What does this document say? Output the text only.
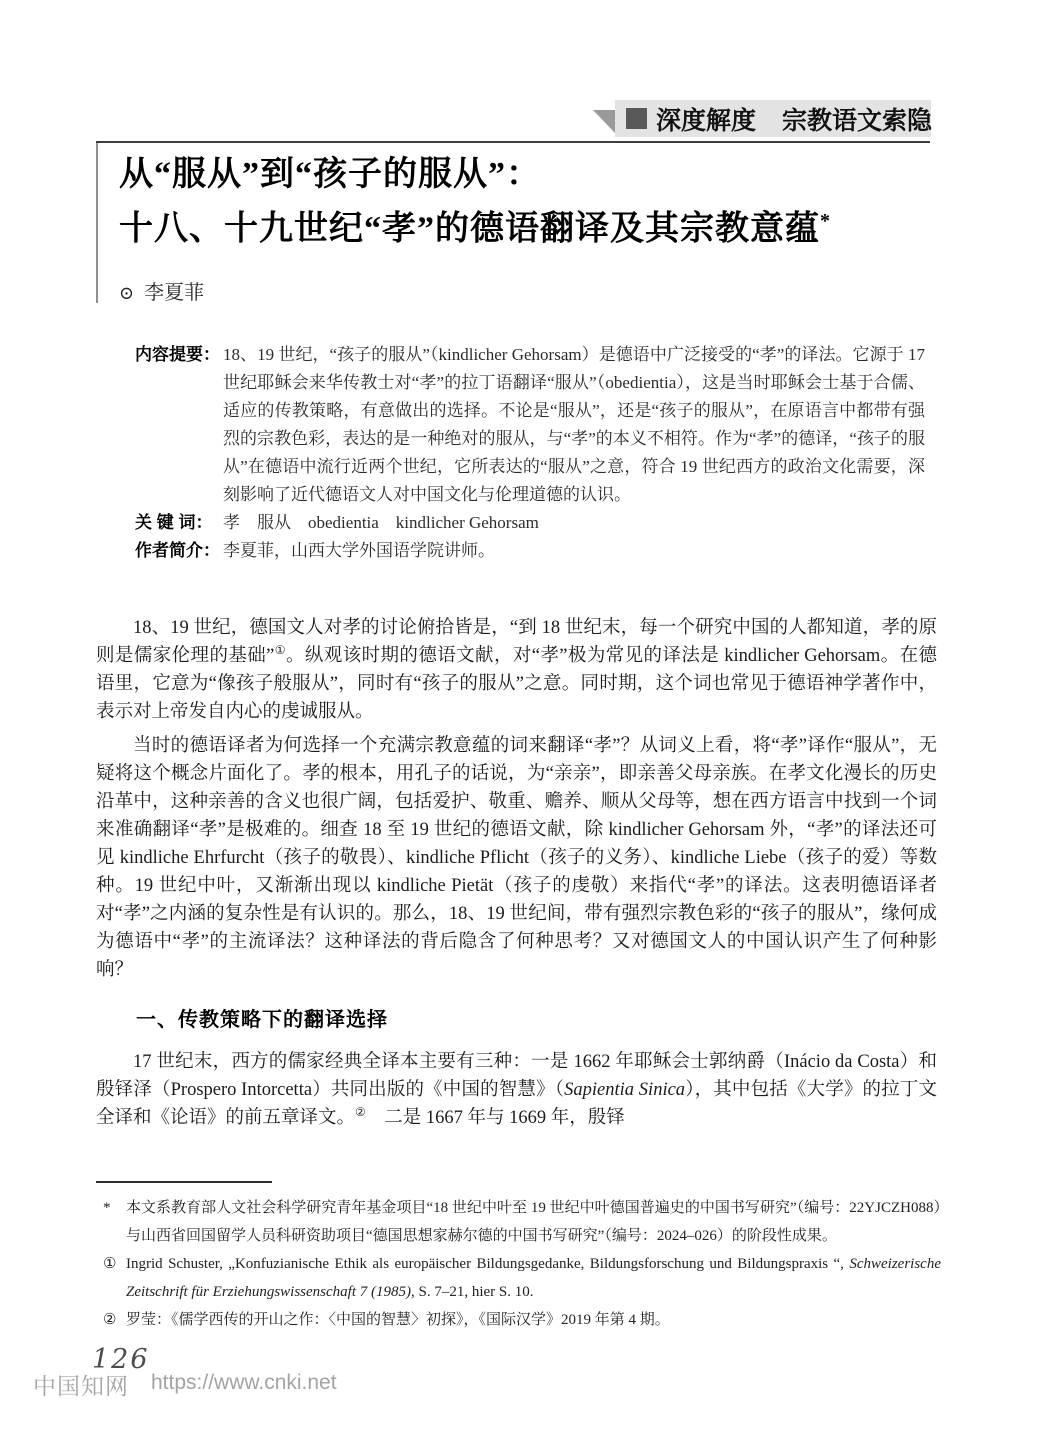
深度解度 宗教语文索隐
从“服从”到“孩子的服从”：
十八、十九世纪“孝”的德语翻译及其宗教意蕴*
⊙ 李夏菲
内容提要： 18、19 世纪，“孩子的服从”（kindlicher Gehorsam）是德语中广泛接受的“孝”的译法。它源于 17 世纪耶稣会来华传教士对“孝”的拉丁语翻译“服从”（obedientia），这是当时耶稣会士基于合儒、适应的传教策略，有意做出的选择。不论是“服从”，还是“孩子的服从”，在原语言中都带有强烈的宗教色彩，表达的是一种绝对的服从，与“孝”的本义不相符。作为“孝”的德译，“孩子的服从”在德语中流行近两个世纪，它所表达的“服从”之意，符合 19 世纪西方的政治文化需要，深刻影响了近代德语文人对中国文化与伦理道德的认识。
关 键 词： 孝　服从　obedientia　kindlicher Gehorsam
作者简介： 李夏菲，山西大学外国语学院讲师。

18、19 世纪，德国文人对孝的讨论俯拾皆是，“到 18 世纪末，每一个研究中国的人都知道，孝的原则是儒家伦理的基础”①。纵观该时期的德语文献，对“孝”极为常见的译法是 kindlicher Gehorsam。在德语里，它意为“像孩子般服从”，同时有“孩子的服从”之意。同时期，这个词也常见于德语神学著作中，表示对上帝发自内心的虔诚服从。

当时的德语译者为何选择一个充满宗教意蕴的词来翻译“孝”？从词义上看，将“孝”译作“服从”，无疑将这个概念片面化了。孝的根本，用孔子的话说，为“亲亲”，即亲善父母亲族。在孝文化漫长的历史沿革中，这种亲善的含义也很广阔，包括爱护、敬重、赡养、顺从父母等，想在西方语言中找到一个词来准确翻译“孝”是极难的。细查 18 至 19 世纪的德语文献，除 kindlicher Gehorsam 外，“孝”的译法还可见 kindliche Ehrfurcht（孩子的敬畏）、kindliche Pflicht（孩子的义务）、kindliche Liebe（孩子的爱）等数种。19 世纪中叶，又渐渐出现以 kindliche Pietät（孩子的虔敬）来指代“孝”的译法。这表明德语译者对“孝”之内涵的复杂性是有认识的。那么，18、19 世纪间，带有强烈宗教色彩的“孩子的服从”，缘何成为德语中“孝”的主流译法？这种译法的背后隐含了何种思考？又对德国文人的中国认识产生了何种影响？

一、传教策略下的翻译选择

17 世纪末，西方的儒家经典全译本主要有三种：一是 1662 年耶稣会士郭纳爵（Inácio da Costa）和殷铎泽（Prospero Intorcetta）共同出版的《中国的智慧》（Sapientia Sinica），其中包括《大学》的拉丁文全译和《论语》的前五章译文。②　二是 1667 年与 1669 年，殷铎

*	本文系教育部人文社会科学研究青年基金项目“18 世纪中叶至 19 世纪中叶德国普遍史的中国书写研究”（编号：22YJCZH088）与山西省回国留学人员科研资助项目“德国思想家赫尔德的中国书写研究”（编号：2024–026）的阶段性成果。
① Ingrid Schuster, „Konfuzianische Ethik als europäischer Bildungsgedanke, Bildungsforschung und Bildungspraxis “, Schweizerische Zeitschrift für Erziehungswissenschaft 7 (1985), S. 7–21, hier S. 10.
② 罗莹：《儒学西传的开山之作：〈中国的智慧〉初探》，《国际汉学》2019 年第 4 期。
中国知网
126
https://www.cnki.net
